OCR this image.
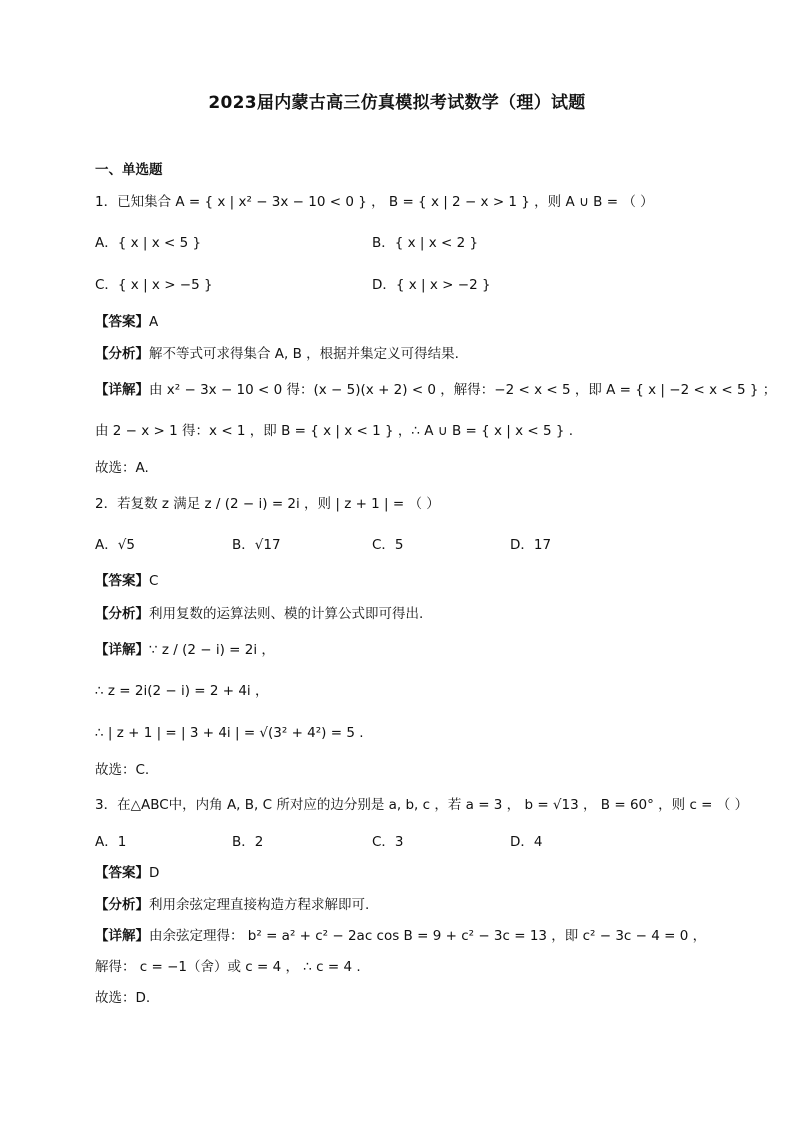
2023届内蒙古高三仿真模拟考试数学（理）试题
一、单选题
1．已知集合 A = { x | x² − 3x − 10 < 0 } ， B = { x | 2 − x > 1 } ，则 A ∪ B = （ ）
A．{ x | x < 5 }	B．{ x | x < 2 }
C．{ x | x > −5 }	D．{ x | x > −2 }
【答案】A
【分析】解不等式可求得集合 A, B ，根据并集定义可得结果.
【详解】由 x² − 3x − 10 < 0 得：(x − 5)(x + 2) < 0 ，解得：−2 < x < 5 ，即 A = { x | −2 < x < 5 } ；
由 2 − x > 1 得：x < 1 ，即 B = { x | x < 1 } ，∴ A ∪ B = { x | x < 5 } .
故选：A.
2．若复数 z 满足 z / (2 − i) = 2i ，则 | z + 1 | = （ ）
A．√5	B．√17	C．5	D．17
【答案】C
【分析】利用复数的运算法则、模的计算公式即可得出.
【详解】∵ z / (2 − i) = 2i ，
∴ z = 2i(2 − i) = 2 + 4i ，
∴ | z + 1 | = | 3 + 4i | = √(3² + 4²) = 5 .
故选：C.
3．在△ABC中，内角 A, B, C 所对应的边分别是 a, b, c ，若 a = 3 ， b = √13 ， B = 60° ，则 c = （ ）
A．1	B．2	C．3	D．4
【答案】D
【分析】利用余弦定理直接构造方程求解即可.
【详解】由余弦定理得： b² = a² + c² − 2ac cos B = 9 + c² − 3c = 13 ，即 c² − 3c − 4 = 0 ，
解得： c = −1（舍）或 c = 4 ， ∴ c = 4 .
故选：D.
